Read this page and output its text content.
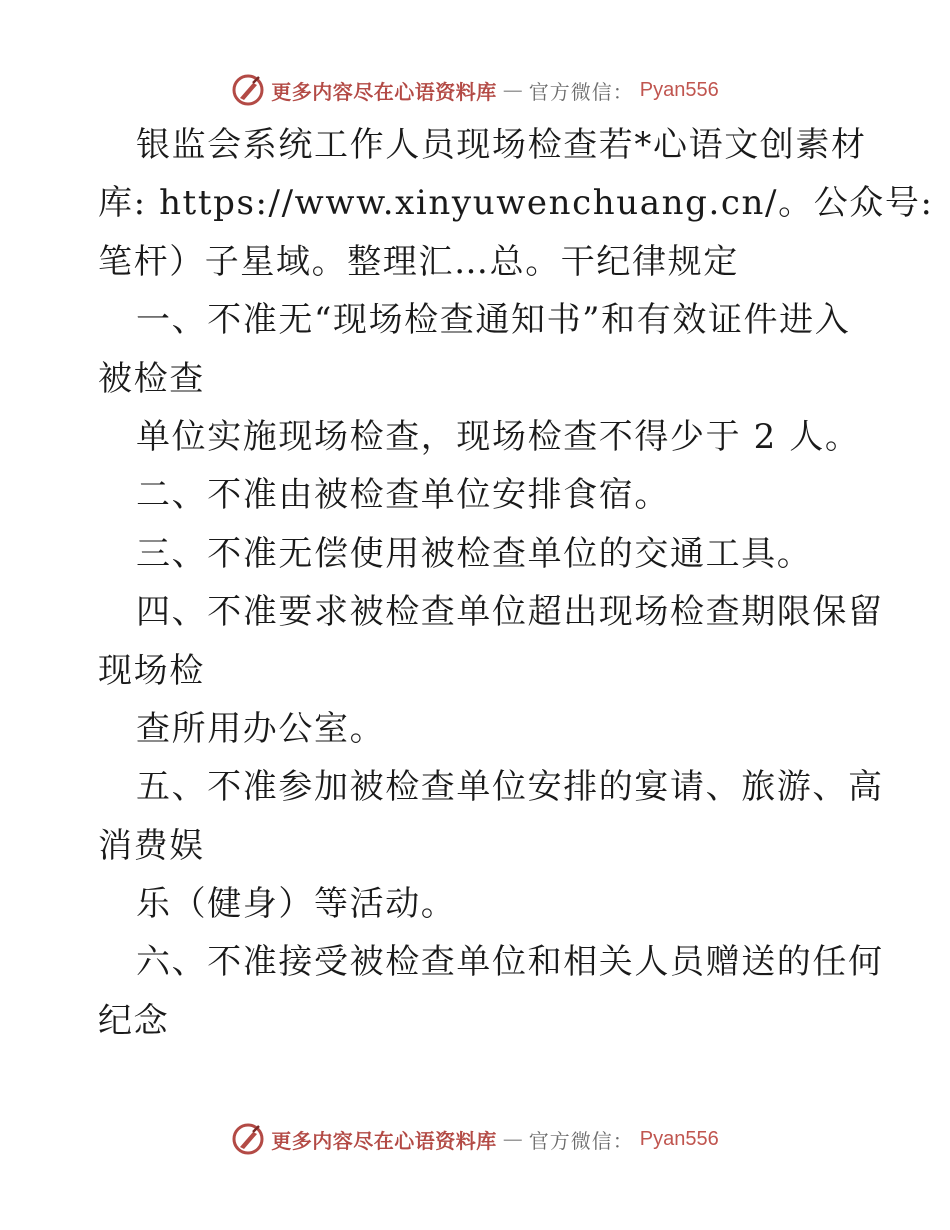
更多内容尽在心语资料库 — 官方微信： Pyan556
银监会系统工作人员现场检查若*心语文创素材
库: https://www.xinyuwenchuang.cn/。公众号:
笔杆）子星域。整理汇…总。干纪律规定
一、不准无“现场检查通知书”和有效证件进入
被检查
单位实施现场检查，现场检查不得少于 2 人。
二、不准由被检查单位安排食宿。
三、不准无偿使用被检查单位的交通工具。
四、不准要求被检查单位超出现场检查期限保留
现场检
查所用办公室。
五、不准参加被检查单位安排的宴请、旅游、高
消费娱
乐（健身）等活动。
六、不准接受被检查单位和相关人员赠送的任何
纪念
更多内容尽在心语资料库 — 官方微信： Pyan556
